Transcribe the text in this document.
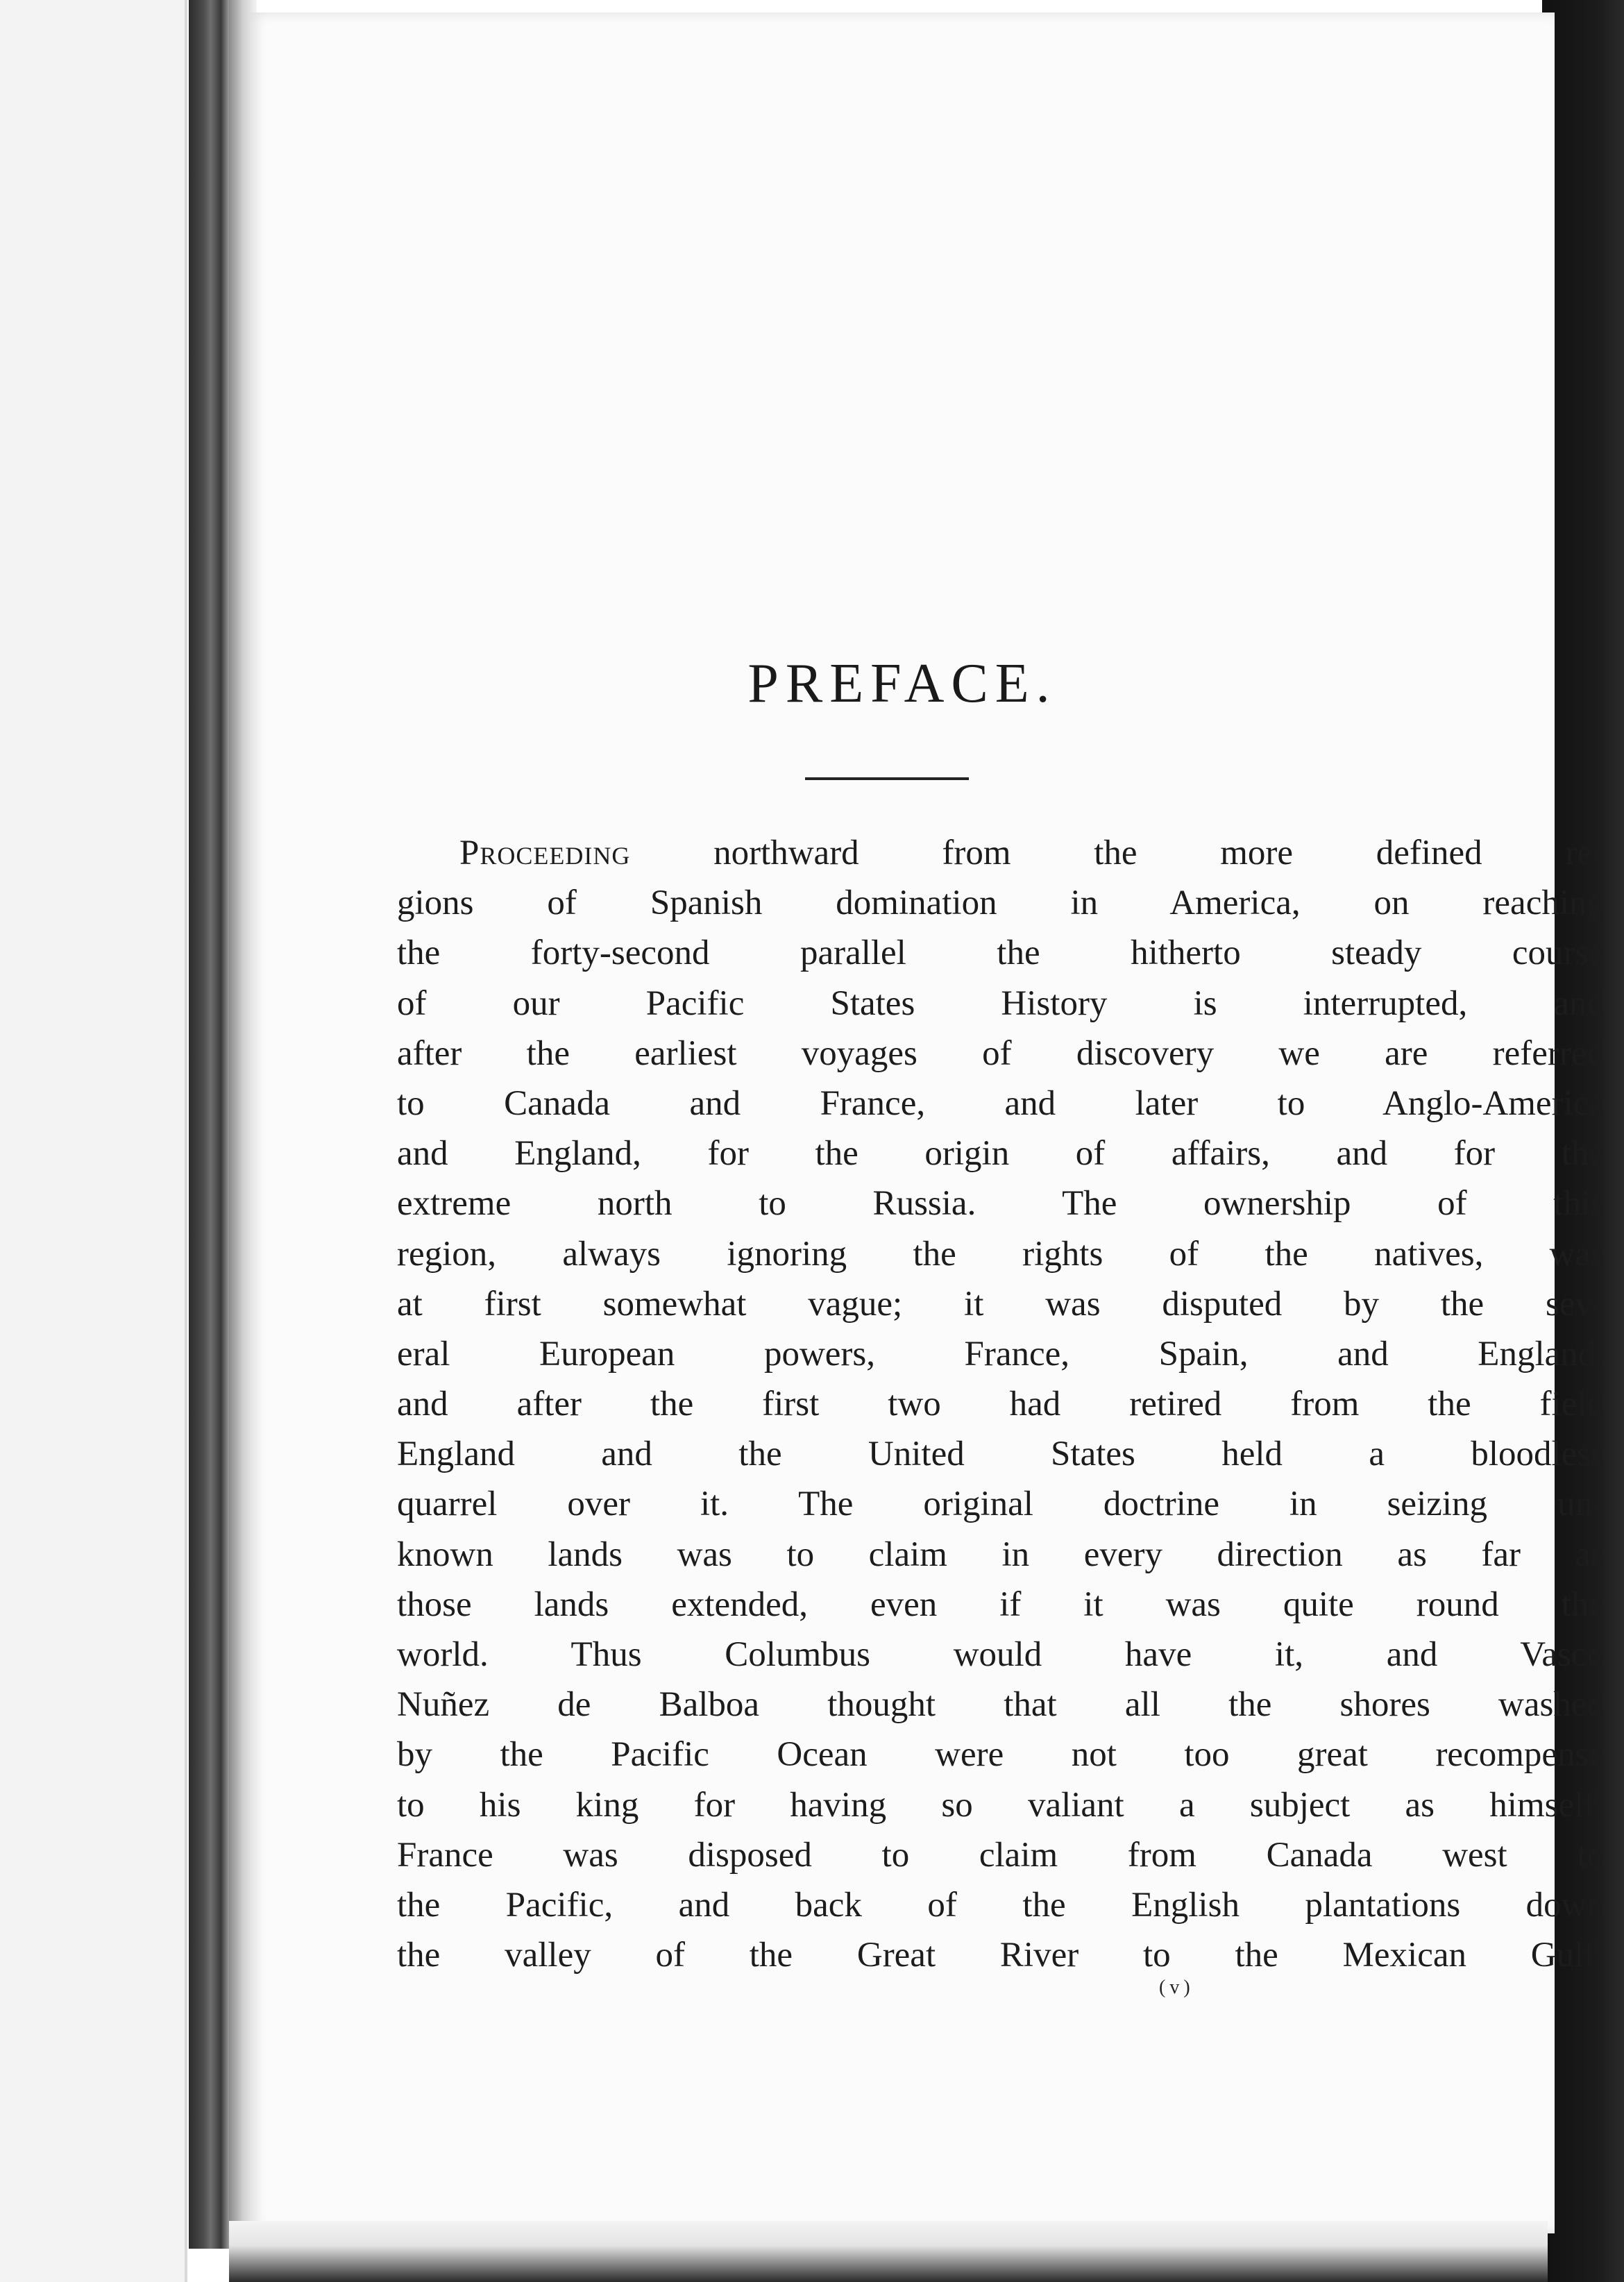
Proceeding northward from the more defined re-
gions of Spanish domination in America, on reaching
the forty-second parallel the hitherto steady course
of our Pacific States History is interrupted, and
after the earliest voyages of discovery we are referred
to Canada and France, and later to Anglo-America
and England, for the origin of affairs, and for the
extreme north to Russia. The ownership of this
region, always ignoring the rights of the natives, was
at first somewhat vague; it was disputed by the sev-
eral European powers, France, Spain, and England,
and after the first two had retired from the field
England and the United States held a bloodless
quarrel over it. The original doctrine in seizing un-
known lands was to claim in every direction as far as
those lands extended, even if it was quite round the
world. Thus Columbus would have it, and Vasco
Nuñez de Balboa thought that all the shores washed
by the Pacific Ocean were not too great recompense
to his king for having so valiant a subject as himself.
France was disposed to claim from Canada west to
the Pacific, and back of the English plantations down
the valley of the Great River to the Mexican Gulf.
(v)
PREFACE.
